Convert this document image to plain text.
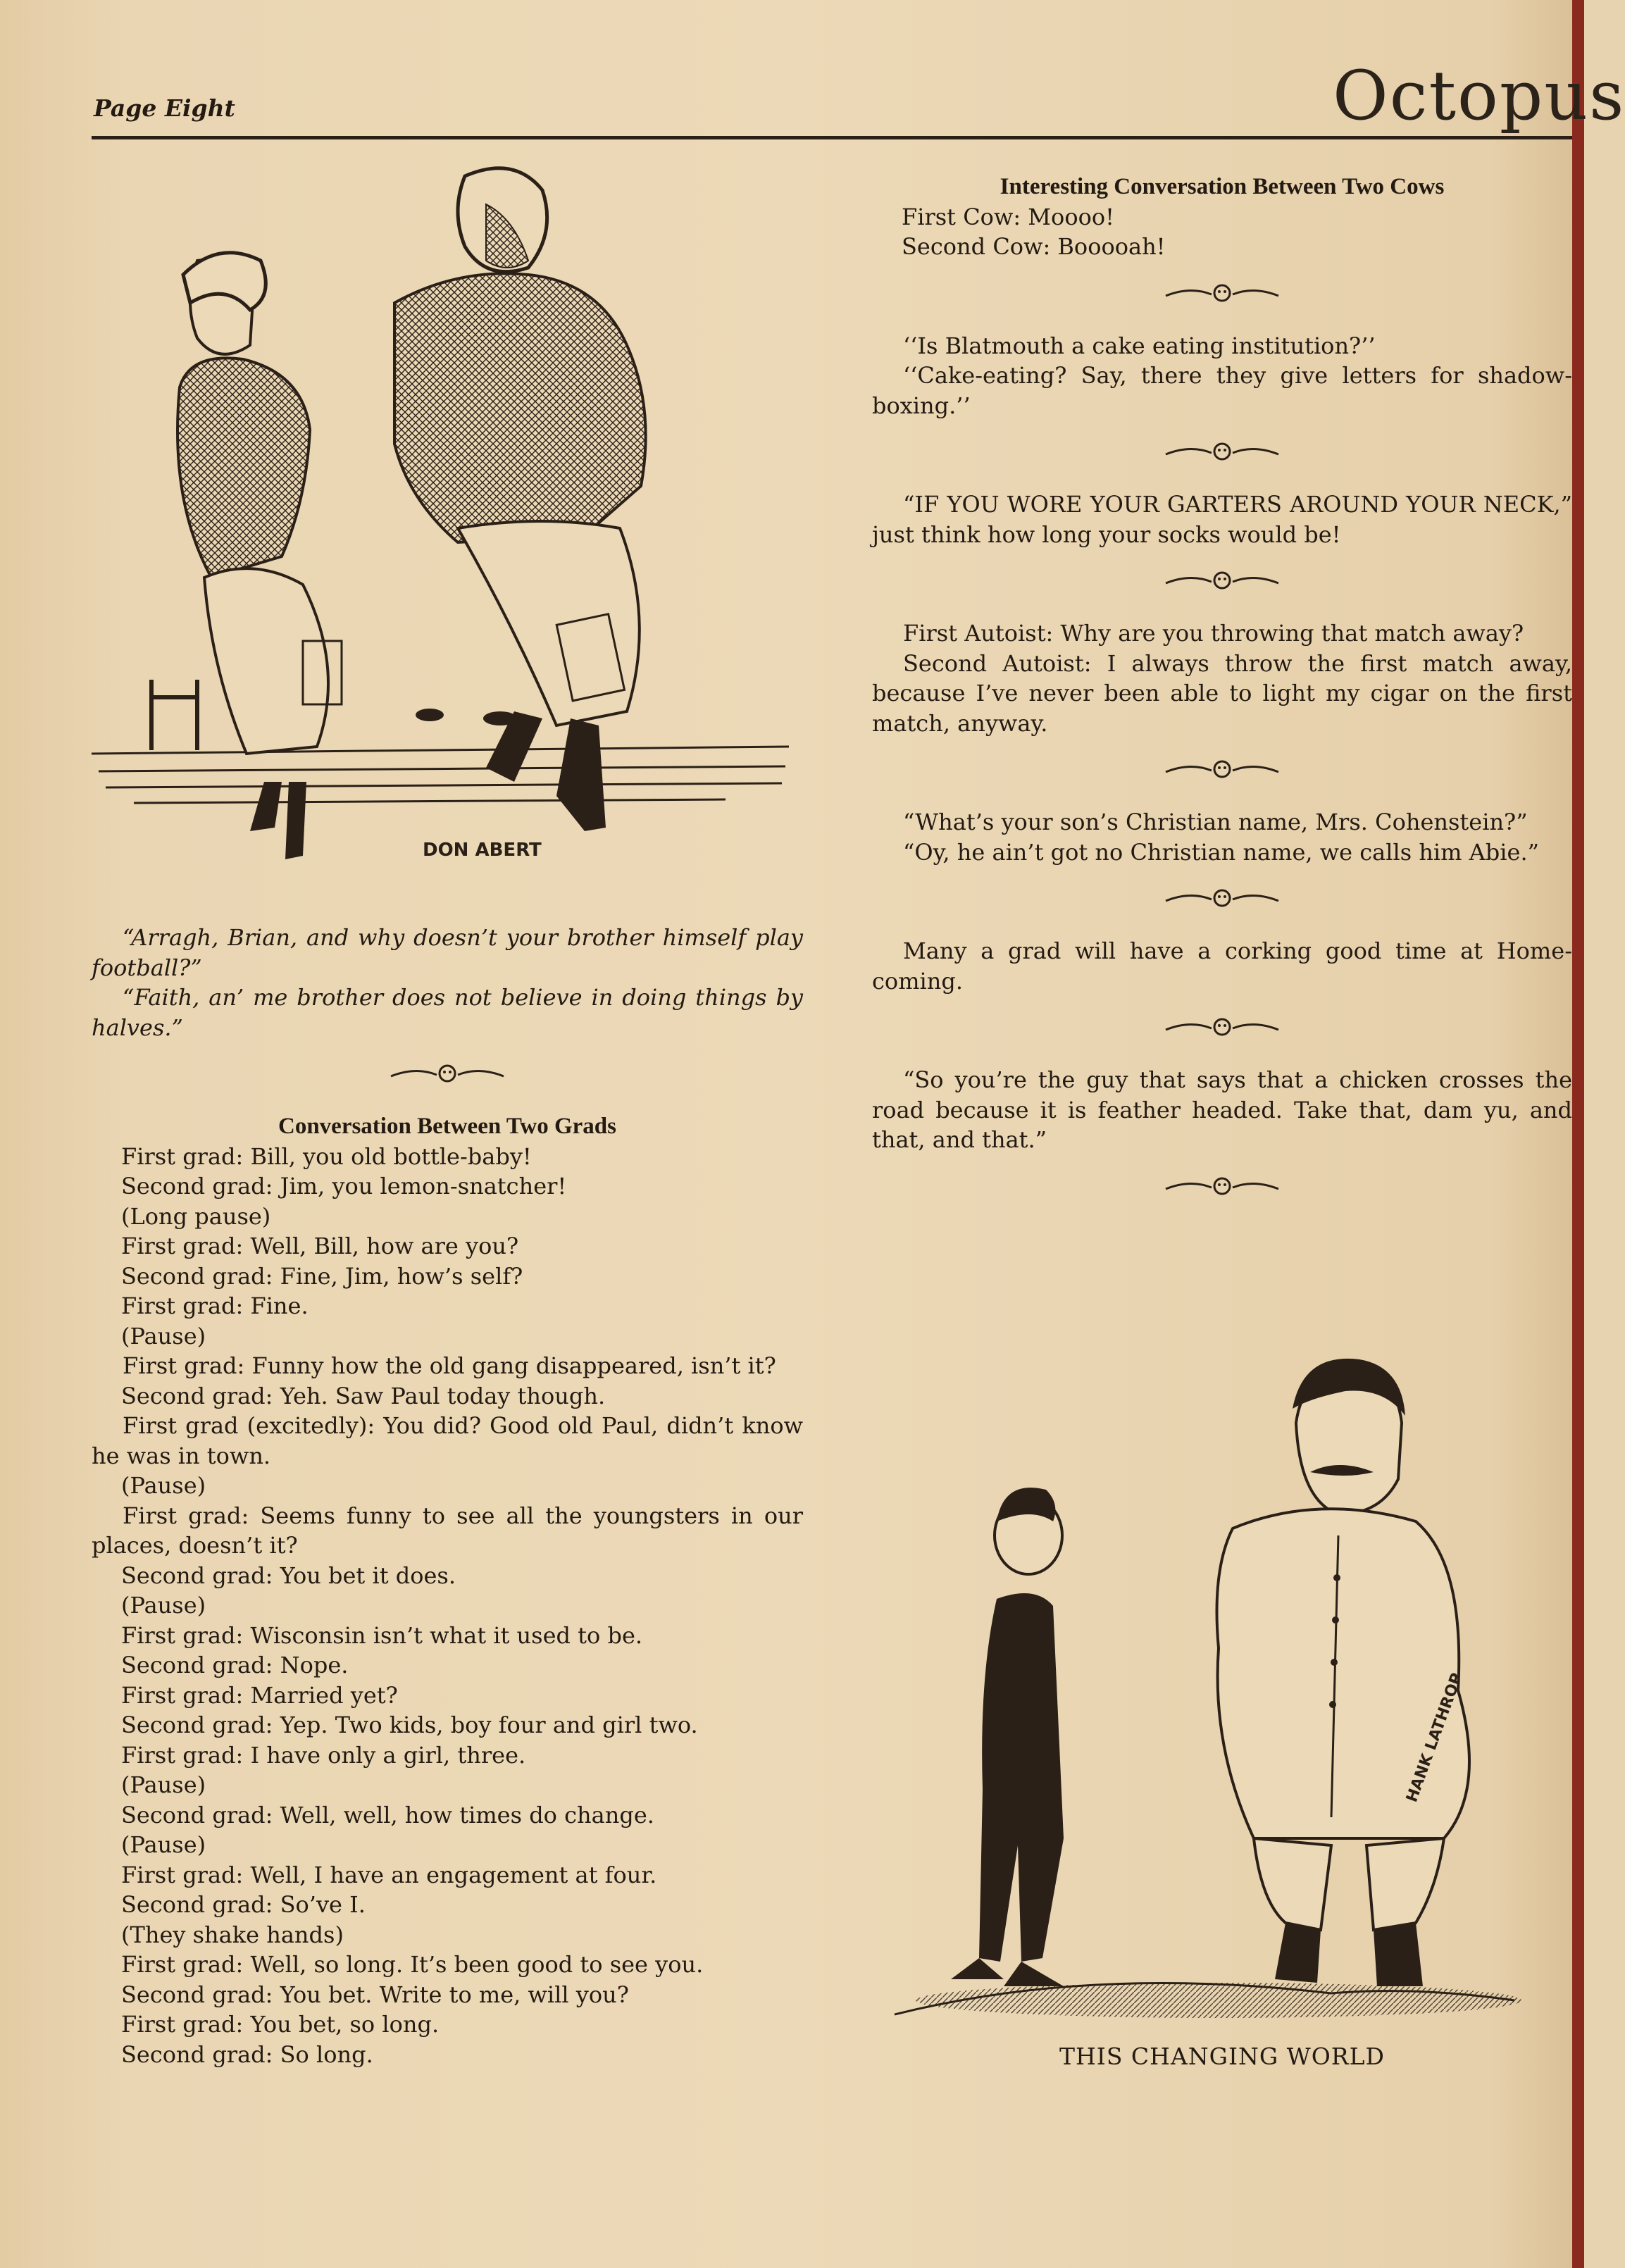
Page Eight	Octopus
DON ABERT

“Arragh, Brian, and why doesn’t your brother himself play football?”

“Faith, an’ me brother does not believe in doing things by halves.”

Conversation Between Two Grads

First grad: Bill, you old bottle-baby!

Second grad: Jim, you lemon-snatcher!

(Long pause)

First grad: Well, Bill, how are you?

Second grad: Fine, Jim, how’s self?

First grad: Fine.

(Pause)

First grad: Funny how the old gang disappeared, isn’t it?

Second grad: Yeh. Saw Paul today though.

First grad (excitedly): You did? Good old Paul, didn’t know he was in town.

(Pause)

First grad: Seems funny to see all the youngsters in our places, doesn’t it?

Second grad: You bet it does.

(Pause)

First grad: Wisconsin isn’t what it used to be.

Second grad: Nope.

First grad: Married yet?

Second grad: Yep. Two kids, boy four and girl two.

First grad: I have only a girl, three.

(Pause)

Second grad: Well, well, how times do change.

(Pause)

First grad: Well, I have an engagement at four.

Second grad: So’ve I.

(They shake hands)

First grad: Well, so long. It’s been good to see you.

Second grad: You bet. Write to me, will you?

First grad: You bet, so long.

Second grad: So long.

Interesting Conversation Between Two Cows

First Cow: Moooo!

Second Cow: Booooah!

‘‘Is Blatmouth a cake eating institution?’’

‘‘Cake-eating? Say, there they give letters for shadow-boxing.’’

“IF YOU WORE YOUR GARTERS AROUND YOUR NECK,” just think how long your socks would be!

First Autoist: Why are you throwing that match away?

Second Autoist: I always throw the first match away, because I’ve never been able to light my cigar on the first match, anyway.

“What’s your son’s Christian name, Mrs. Cohenstein?”

“Oy, he ain’t got no Christian name, we calls him Abie.”

Many a grad will have a corking good time at Home-coming.

“So you’re the guy that says that a chicken crosses the road because it is feather headed. Take that, dam yu, and that, and that.”

HANK LATHROP
THIS CHANGING WORLD
